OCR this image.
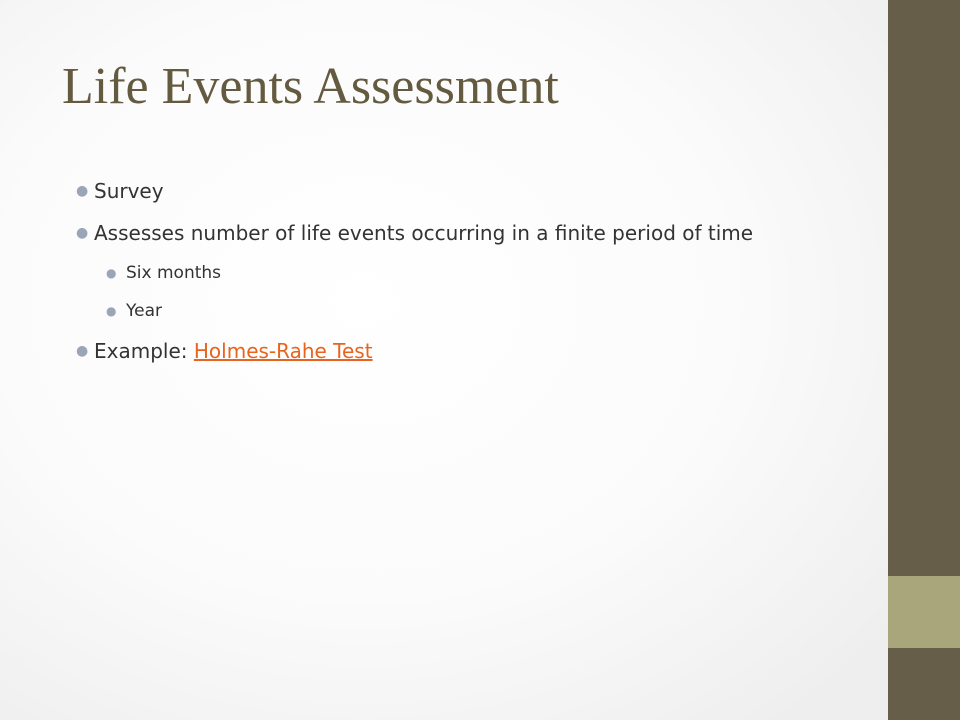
Life Events Assessment
● Survey
● Assesses number of life events occurring in a finite period of time
● Six months
● Year
● Example: Holmes-Rahe Test
